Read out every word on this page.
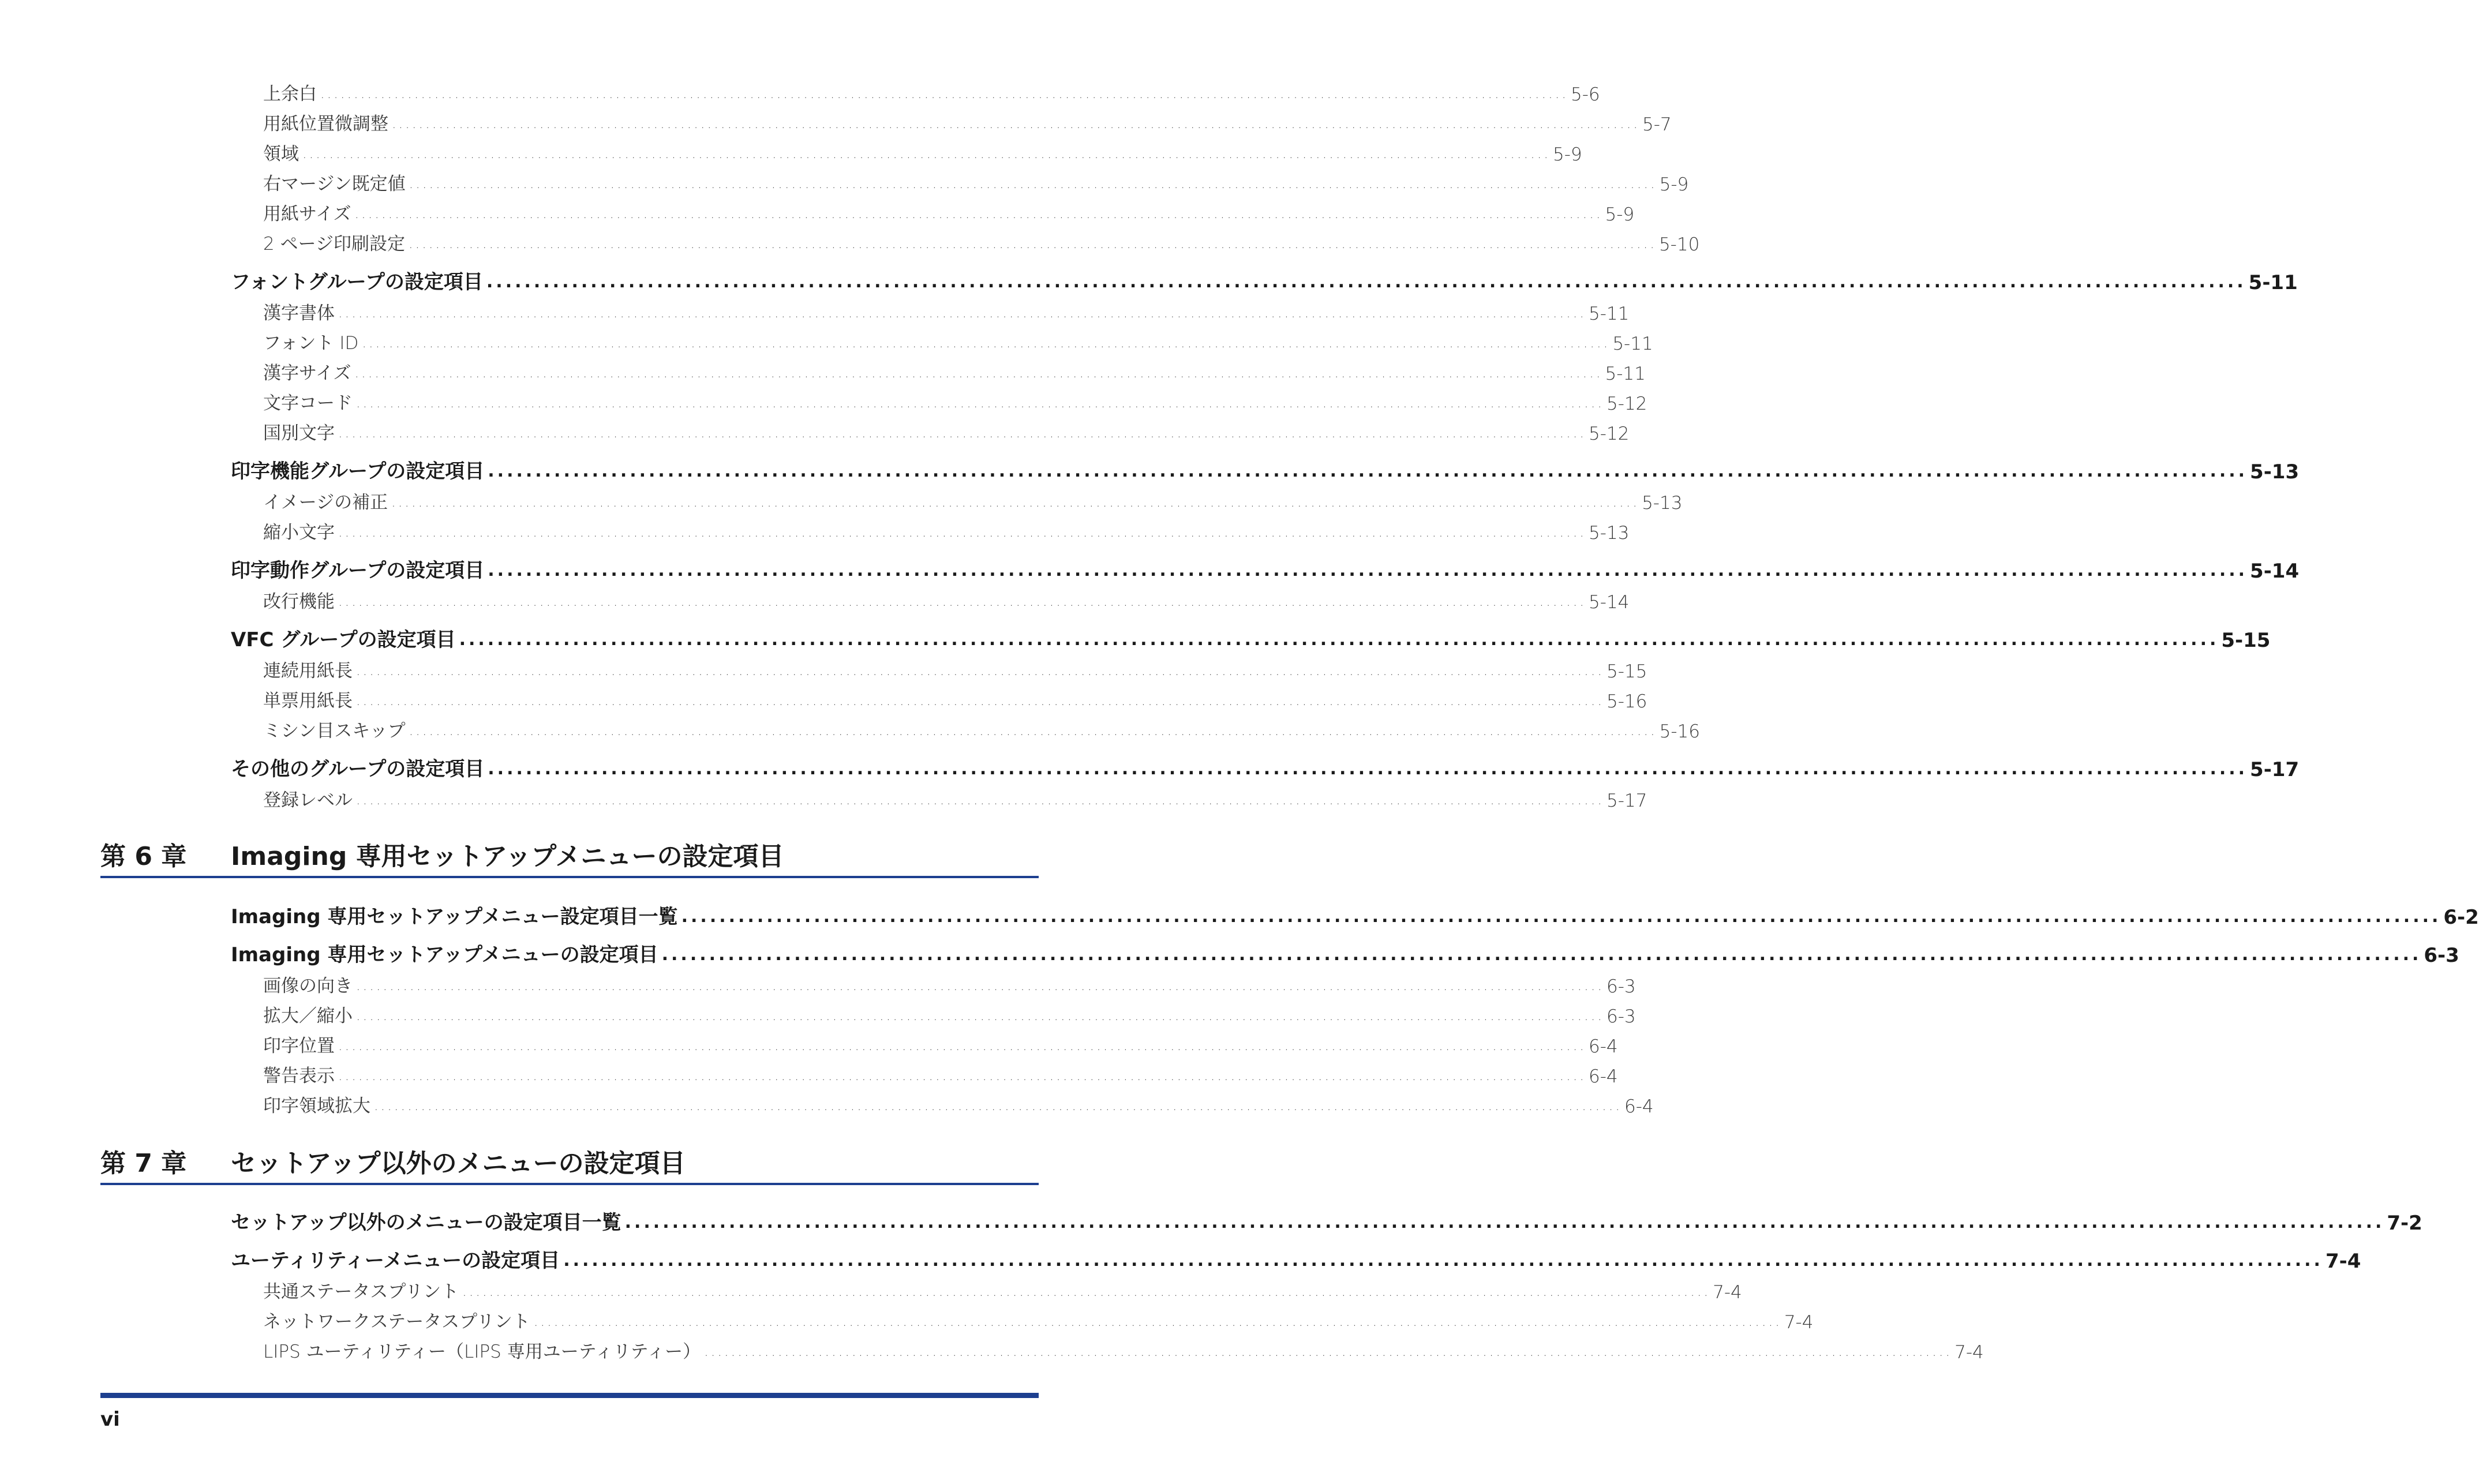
上余白 .......................................................................................................................................................................................... 5-6
用紙位置微調整 .......................................................................................................................................................................................... 5-7
領域 .......................................................................................................................................................................................... 5-9
右マージン既定値 .......................................................................................................................................................................................... 5-9
用紙サイズ .......................................................................................................................................................................................... 5-9
2 ページ印刷設定 .......................................................................................................................................................................................... 5-10
フォントグループの設定項目 .......................................................................................................................................................................................... 5-11
漢字書体 .......................................................................................................................................................................................... 5-11
フォント ID .......................................................................................................................................................................................... 5-11
漢字サイズ .......................................................................................................................................................................................... 5-11
文字コード .......................................................................................................................................................................................... 5-12
国別文字 .......................................................................................................................................................................................... 5-12
印字機能グループの設定項目 .......................................................................................................................................................................................... 5-13
イメージの補正 .......................................................................................................................................................................................... 5-13
縮小文字 .......................................................................................................................................................................................... 5-13
印字動作グループの設定項目 .......................................................................................................................................................................................... 5-14
改行機能 .......................................................................................................................................................................................... 5-14
VFC グループの設定項目 .......................................................................................................................................................................................... 5-15
連続用紙長 .......................................................................................................................................................................................... 5-15
単票用紙長 .......................................................................................................................................................................................... 5-16
ミシン目スキップ .......................................................................................................................................................................................... 5-16
その他のグループの設定項目 .......................................................................................................................................................................................... 5-17
登録レベル .......................................................................................................................................................................................... 5-17
第 6 章 Imaging 専用セットアップメニューの設定項目
Imaging 専用セットアップメニュー設定項目一覧 .......................................................................................................................................................................................... 6-2
Imaging 専用セットアップメニューの設定項目 .......................................................................................................................................................................................... 6-3
画像の向き .......................................................................................................................................................................................... 6-3
拡大／縮小 .......................................................................................................................................................................................... 6-3
印字位置 .......................................................................................................................................................................................... 6-4
警告表示 .......................................................................................................................................................................................... 6-4
印字領域拡大 .......................................................................................................................................................................................... 6-4
第 7 章 セットアップ以外のメニューの設定項目
セットアップ以外のメニューの設定項目一覧 .......................................................................................................................................................................................... 7-2
ユーティリティーメニューの設定項目 .......................................................................................................................................................................................... 7-4
共通ステータスプリント .......................................................................................................................................................................................... 7-4
ネットワークステータスプリント .......................................................................................................................................................................................... 7-4
LIPS ユーティリティー（LIPS 専用ユーティリティー） .......................................................................................................................................................................................... 7-4
vi
